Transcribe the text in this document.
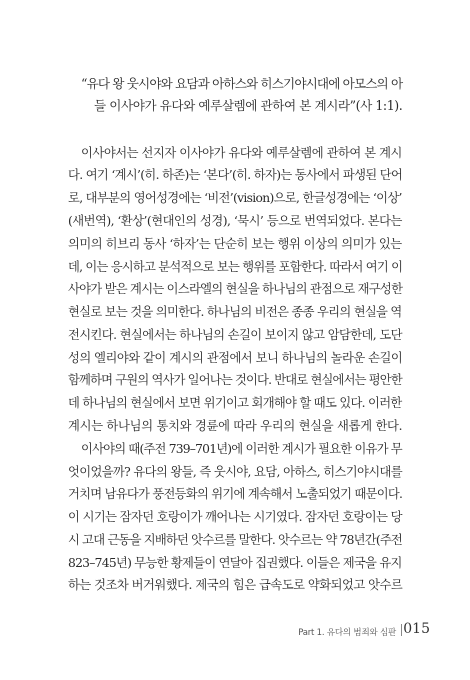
“유다 왕 웃시야와 요담과 아하스와 히스기야시대에 아모스의 아
들 이사야가 유다와 예루살렘에 관하여 본 계시라”(사 1:1).
이사야서는 선지자 이사야가 유다와 예루살렘에 관하여 본 계시
다. 여기 ‘계시’(히. 하존)는 ‘본다’(히. 하자)는 동사에서 파생된 단어
로, 대부분의 영어성경에는 ‘비전’(vision)으로, 한글성경에는 ‘이상’
(새번역), ‘환상’(현대인의 성경), ‘묵시’ 등으로 번역되었다. 본다는
의미의 히브리 동사 ‘하자’는 단순히 보는 행위 이상의 의미가 있는
데, 이는 응시하고 분석적으로 보는 행위를 포함한다. 따라서 여기 이
사야가 받은 계시는 이스라엘의 현실을 하나님의 관점으로 재구성한
현실로 보는 것을 의미한다. 하나님의 비전은 종종 우리의 현실을 역
전시킨다. 현실에서는 하나님의 손길이 보이지 않고 암담한데, 도단
성의 엘리야와 같이 계시의 관점에서 보니 하나님의 놀라운 손길이
함께하며 구원의 역사가 일어나는 것이다. 반대로 현실에서는 평안한
데 하나님의 현실에서 보면 위기이고 회개해야 할 때도 있다. 이러한
계시는 하나님의 통치와 경륜에 따라 우리의 현실을 새롭게 한다.
이사야의 때(주전 739–701년)에 이러한 계시가 필요한 이유가 무
엇이었을까? 유다의 왕들, 즉 웃시야, 요담, 아하스, 히스기야시대를
거치며 남유다가 풍전등화의 위기에 계속해서 노출되었기 때문이다.
이 시기는 잠자던 호랑이가 깨어나는 시기였다. 잠자던 호랑이는 당
시 고대 근동을 지배하던 앗수르를 말한다. 앗수르는 약 78년간(주전
823–745년) 무능한 황제들이 연달아 집권했다. 이들은 제국을 유지
하는 것조차 버거워했다. 제국의 힘은 급속도로 약화되었고 앗수르
Part 1. 유다의 범죄와 심판 015
